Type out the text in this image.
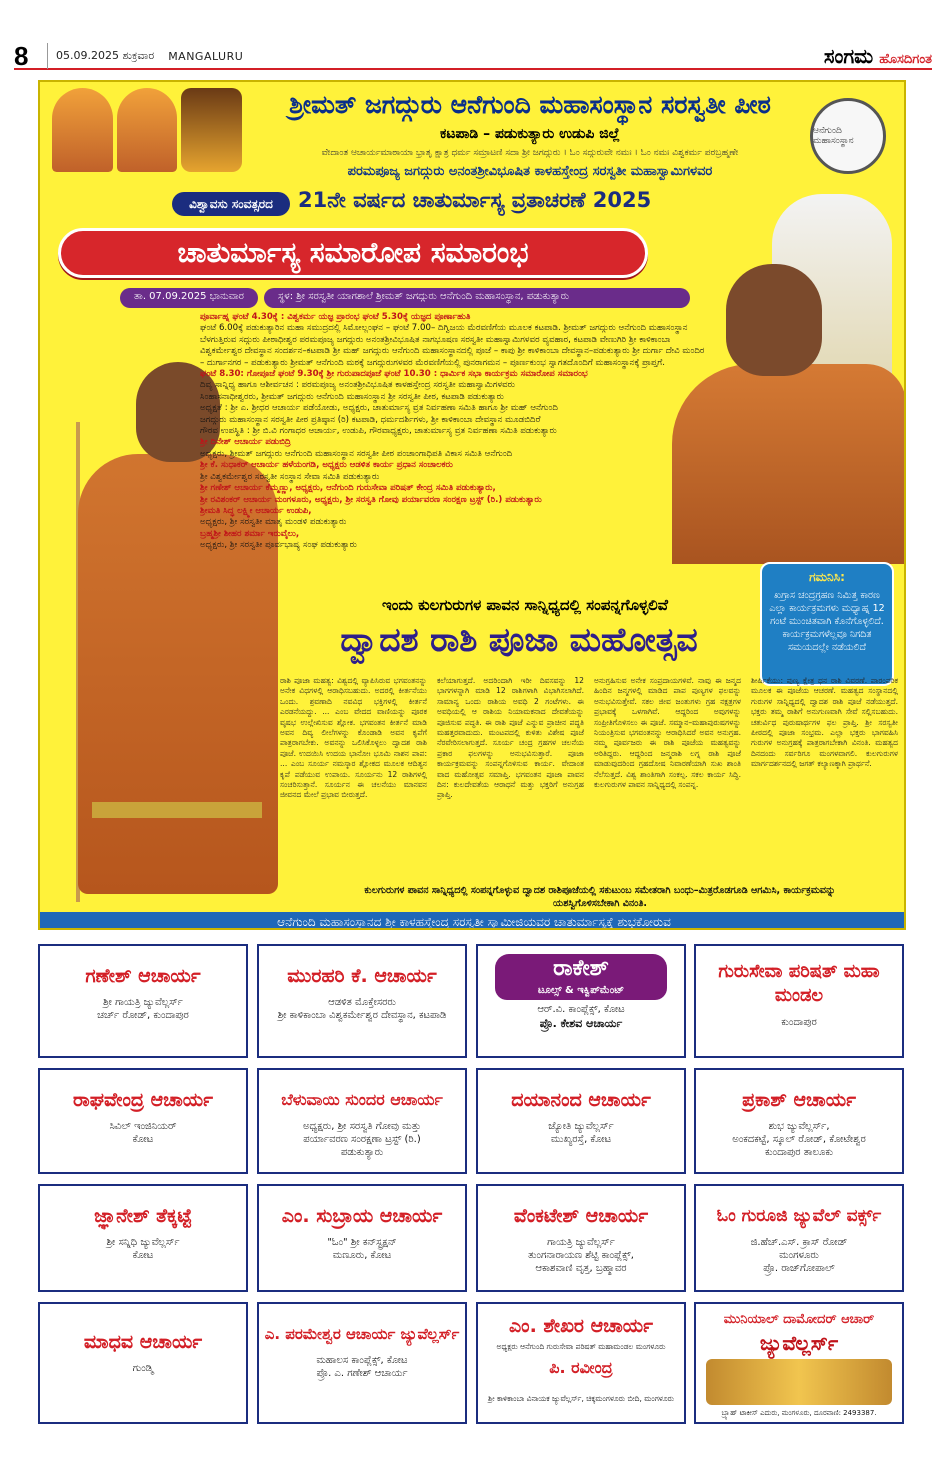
8	05.09.2025 ಶುಕ್ರವಾರ MANGALURU	ಸಂಗಮ ಹೊಸದಿಗಂತ
ಆನೆಗುಂದಿ ಮಹಾಸಂಸ್ಥಾನ
ಶ್ರೀಮತ್ ಜಗದ್ಗುರು ಆನೆಗುಂದಿ ಮಹಾಸಂಸ್ಥಾನ ಸರಸ್ವತೀ ಪೀಠ
ಕಟಪಾಡಿ – ಪಡುಕುತ್ಯಾರು ಉಡುಪಿ ಜಿಲ್ಲೆ
ವೇದಾಂತ ಆಚಾರ್ಯಮಾಠಾಯಾ ಭ್ರಾತೃ ಕ್ಷಾತ್ರ ಧರ್ಮ ಸಮ್ರಾಟಣಿ ಸದಾ ಶ್ರೀ ಜಗದ್ಗುರು । ಓಂ ಸದ್ಗುರುವೇ ನಮಃ । ಓಂ ನಮಃ ವಿಶ್ವಕರ್ಮ ಪರಬ್ರಹ್ಮಣೇ
ಪರಮಪೂಜ್ಯ ಜಗದ್ಗುರು ಅನಂತಶ್ರೀವಿಭೂಷಿತ ಕಾಳಹಸ್ತೇಂದ್ರ ಸರಸ್ವತೀ ಮಹಾಸ್ವಾಮಿಗಳವರ
ವಿಶ್ವಾವಸು ಸಂವತ್ಸರದ	21ನೇ ವರ್ಷದ ಚಾತುರ್ಮಾಸ್ಯ ವ್ರತಾಚರಣೆ 2025
ಚಾತುರ್ಮಾಸ್ಯ ಸಮಾರೋಪ ಸಮಾರಂಭ
ತಾ. 07.09.2025 ಭಾನುವಾರ	ಸ್ಥಳ: ಶ್ರೀ ಸರಸ್ವತೀ ಯಾಗಶಾಲೆ ಶ್ರೀಮತ್ ಜಗದ್ಗುರು ಆನೆಗುಂದಿ ಮಹಾಸಂಸ್ಥಾನ, ಪಡುಕುತ್ಯಾರು

ಪೂರ್ವಾಹ್ನ ಘಂಟೆ 4.30ಕ್ಕೆ : ವಿಶ್ವಕರ್ಮ ಯಜ್ಞ ಪ್ರಾರಂಭ ಘಂಟೆ 5.30ಕ್ಕೆ ಯಜ್ಞದ ಪೂರ್ಣಾಹುತಿ

ಘಂಟೆ 6.00ಕ್ಕೆ ಪಡುಕುತ್ಯಾರಿನ ಮಹಾ ಸಮುದ್ರದಲ್ಲಿ ಸಿಮೋಲ್ಲಂಘನ – ಘಂಟೆ 7.00– ದಿಗ್ವಿಜಯ ಮೆರವಣಿಗೆಯ ಮೂಲಕ ಕಟಪಾಡಿ. ಶ್ರೀಮತ್ ಜಗದ್ಗುರು ಆನೆಗುಂದಿ ಮಹಾಸಂಸ್ಥಾನ ಬೆಳಗುತ್ತಿರುವ ಸದ್ಗುರು ಪೀಠಾಧೀಶ್ವರ ಪರಮಪೂಜ್ಯ ಜಗದ್ಗುರು ಅನಂತಶ್ರೀವಿಭೂಷಿತ ನಾಗಭೂಷಣ ಸರಸ್ವತೀ ಮಹಾಸ್ವಾಮಿಗಳವರ ವ್ಯವಹಾರ, ಕಟಪಾಡಿ ವೇಣುಗಿರಿ ಶ್ರೀ ಕಾಳಿಕಾಂಬಾ ವಿಶ್ವಕರ್ಮೇಶ್ವರ ದೇವಸ್ಥಾನ ಸಂದರ್ಶನ–ಕಟಪಾಡಿ ಶ್ರೀ ಮಹ್ ಜಗದ್ಗುರು ಆನೆಗುಂದಿ ಮಹಾಸಂಸ್ಥಾನದಲ್ಲಿ ಪೂಜೆ – ಕಾಪು ಶ್ರೀ ಕಾಳಿಕಾಂಬಾ ದೇವಸ್ಥಾನ–ಪಡುಕುತ್ಯಾರು ಶ್ರೀ ದುರ್ಗಾ ದೇವಿ ಮಂದಿರ – ದುರ್ಗಾನಗರ – ಪಡುಕುತ್ಯಾರು ಶ್ರೀಮತ್ ಆನೆಗುಂದಿ ಮಠಕ್ಕೆ ಜಗದ್ಗುರುಗಳವರ ಮೆರವಣಿಗೆಯಲ್ಲಿ ಪುನರಾಗಮನ – ಪೂರ್ಣಕುಂಭ ಸ್ವಾಗತದೊಂದಿಗೆ ಮಹಾಸಂಸ್ಥಾನಕ್ಕೆ ಪ್ರಾಪ್ತಗೆ.

ಘಂಟೆ 8.30: ಗೋಪೂಜೆ ಘಂಟೆ 9.30ಕ್ಕೆ ಶ್ರೀ ಗುರುಪಾದಪೂಜೆ ಘಂಟೆ 10.30 : ಧಾರ್ಮಿಕ ಸಭಾ ಕಾರ್ಯಕ್ರಮ ಸಮಾರೋಪ ಸಮಾರಂಭ

ದಿವ್ಯ ಸಾನ್ನಿಧ್ಯ ಹಾಗೂ ಆಶೀರ್ವಚನ : ಪರಮಪೂಜ್ಯ ಅನಂತಶ್ರೀವಿಭೂಷಿತ ಕಾಳಹಸ್ತೇಂದ್ರ ಸರಸ್ವತೀ ಮಹಾಸ್ವಾಮಿಗಳವರು

ಸಿಂಹಾಸನಾಧೀಶ್ವರರು, ಶ್ರೀಮತ್ ಜಗದ್ಗುರು ಆನೆಗುಂದಿ ಮಹಾಸಂಸ್ಥಾನ ಶ್ರೀ ಸರಸ್ವತೀ ಪೀಠ, ಕಟಪಾಡಿ ಪಡುಕುತ್ಯಾರು

ಅಧ್ಯಕ್ಷತೆ : ಶ್ರೀ ಎ. ಶ್ರೀಧರ ಆಚಾರ್ಯ ಪಡೆಯೋಡು, ಅಧ್ಯಕ್ಷರು, ಚಾತುರ್ಮಾಸ್ಯ ವ್ರತ ನಿರ್ವಹಣಾ ಸಮಿತಿ ಹಾಗೂ ಶ್ರೀ ಮಹ್ ಆನೆಗುಂದಿ

ಜಗದ್ಗುರು ಮಹಾಸಂಸ್ಥಾನ ಸರಸ್ವತೀ ಪೀಠ ಪ್ರತಿಷ್ಠಾನ (ರಿ) ಕಟಪಾಡಿ, ಧರ್ಮದರ್ಶಿಗಳು, ಶ್ರೀ ಕಾಳಿಕಾಂಬಾ ದೇವಸ್ಥಾನ ಮೂಡಬಿದಿರೆ

ಗೌರವ ಉಪಸ್ಥಿತಿ : ಶ್ರೀ ಬಿ.ವಿ ಗಂಗಾಧರ ಆಚಾರ್ಯ, ಉಡುಪಿ, ಗೌರವಾಧ್ಯಕ್ಷರು, ಚಾತುರ್ಮಾಸ್ಯ ವ್ರತ ನಿರ್ವಹಣಾ ಸಮಿತಿ ಪಡುಕುತ್ಯಾರು

ಶ್ರೀ ದಿನೇಶ್ ಆಚಾರ್ಯ ಪಡುಬಿದ್ರಿ

ಅಧ್ಯಕ್ಷರು, ಶ್ರೀಮತ್ ಜಗದ್ಗುರು ಆನೆಗುಂದಿ ಮಹಾಸಂಸ್ಥಾನ ಸರಸ್ವತೀ ಪೀಠ ಪಂಚಾಂಗಾಧಿಪತಿ ವಿಕಾಸ ಸಮಿತಿ ಆನೆಗುಂದಿ

ಶ್ರೀ ಕೆ. ಸುಧಾಕರ್ ಆಚಾರ್ಯ ಹಳೆಯಂಗಡಿ, ಅಧ್ಯಕ್ಷರು ಆಡಳಿತ ಕಾರ್ಯ ಪ್ರಧಾನ ಸಂಚಾಲಕರು

ಶ್ರೀ ವಿಶ್ವಕರ್ಮೇಶ್ವರ ಸರಸ್ವತೀ ಸಂಸ್ಥಾನ ಸೇವಾ ಸಮಿತಿ ಪಡುಕುತ್ಯಾರು

ಶ್ರೀ ಗಣೇಶ್ ಆಚಾರ್ಯ ಕೆಮ್ಮಣ್ಣು, ಅಧ್ಯಕ್ಷರು, ಆನೆಗುಂದಿ ಗುರುಸೇವಾ ಪರಿಷತ್ ಕೇಂದ್ರ ಸಮಿತಿ ಪಡುಕುತ್ಯಾರು,

ಶ್ರೀ ರವಿಶಂಕರ್ ಆಚಾರ್ಯ ಮಂಗಳೂರು, ಅಧ್ಯಕ್ಷರು, ಶ್ರೀ ಸರಸ್ವತಿ ಗೋವು ಪರ್ಯಾವರಣ ಸಂರಕ್ಷಣ ಟ್ರಸ್ಟ್ (ರಿ.) ಪಡುಕುತ್ಯಾರು

ಶ್ರೀಮತಿ ಸಿದ್ಧ ಲಕ್ಷ್ಮೀ ಆಚಾರ್ಯ ಉಡುಪಿ,

ಅಧ್ಯಕ್ಷರು, ಶ್ರೀ ಸರಸ್ವತೀ ಮಾತೃ ಮಂಡಳಿ ಪಡುಕುತ್ಯಾರು

ಬ್ರಹ್ಮಶ್ರೀ ಶೀಹರ ಶರ್ಮಾ ಇರುವೈಲು,

ಅಧ್ಯಕ್ಷರು, ಶ್ರೀ ಸರಸ್ವತೀ ಪೂರ್ವಭಾಷ್ಯ ಸಂಘ ಪಡುಕುತ್ಯಾರು

ಗಮನಿಸಿ:
ಖಗ್ರಾಸ ಚಂದ್ರಗ್ರಹಣ ನಿಮಿತ್ತ ಕಾರಣ ಎಲ್ಲಾ ಕಾರ್ಯಕ್ರಮಗಳು ಮಧ್ಯಾಹ್ನ 12 ಗಂಟೆ ಮುಂಚಿತವಾಗಿ ಕೊನೆಗೊಳ್ಳಲಿದೆ. ಕಾರ್ಯಕ್ರಮಗಳೆಲ್ಲವೂ ನಿಗದಿತ ಸಮಯದಲ್ಲೇ ನಡೆಯಲಿದೆ
ಇಂದು ಕುಲಗುರುಗಳ ಪಾವನ ಸಾನ್ನಿಧ್ಯದಲ್ಲಿ ಸಂಪನ್ನಗೊಳ್ಳಲಿವೆ
ದ್ವಾದಶ ರಾಶಿ ಪೂಜಾ ಮಹೋತ್ಸವ
ರಾಶಿ ಪೂಜಾ ಮಹತ್ವ: ವಿಶ್ವದಲ್ಲಿ ವ್ಯಾಪಿಸಿರುವ ಭಗವಂತನನ್ನು ಅನೇಕ ವಿಧಗಳಲ್ಲಿ ಆರಾಧಿಸಬಹುದು. ಅದರಲ್ಲಿ ಕೀರ್ತನೆಯು ಒಂದು. ಶ್ರವಣಾದಿ ನವವಿಧ ಭಕ್ತಿಗಳಲ್ಲಿ ಕೀರ್ತನೆ ಎರಡನೆಯದ್ದು. ... ಎಂಬ ವೇದದ ವಾಣಿಯನ್ನು ಪೂರಕ ವೃಷಭ ಉಲ್ಲೇಖಿಸುವ ಶ್ಲೋಕ. ಭಗವಂತನ ಕೀರ್ತನೆ ಮಾಡಿ ಅವನ ದಿವ್ಯ ಲೀಲೆಗಳನ್ನು ಕೊಂಡಾಡಿ ಅವನ ಕೃಪೆಗೆ ಪಾತ್ರರಾಗಬೇಕು. ಅವನನ್ನು ಒಲಿಸಿಕೊಳ್ಳಲು ದ್ವಾದಶ ರಾಶಿ ಪೂಜೆ. ಉದಯಿಸಿ ಉದಯ ಭಾನೋಃ ಭೂಮಿ ನಾಶನ ಪಾಪ: ... ಎಂಬ ಸೂರ್ಯ ನಮಸ್ಕಾರ ಶ್ಲೋಕದ ಮೂಲಕ ಆದಿತ್ಯನ ಕೃಪೆ ಪಡೆಯುವ ಉಪಾಯ. ಸೂರ್ಯನು 12 ರಾಶಿಗಳಲ್ಲಿ ಸಂಚರಿಸುತ್ತಾನೆ. ಸೂರ್ಯನ ಈ ಚಲನೆಯು ಮಾನವನ ಜೀವನದ ಮೇಲೆ ಪ್ರಭಾವ ಬೀರುತ್ತದೆ.
ಕಲೆಯಾಗುತ್ತದೆ. ಅದರಿಂದಾಗಿ ಇರೀ ದಿವಸವನ್ನು 12 ಭಾಗಗಳನ್ನಾಗಿ ಮಾಡಿ 12 ರಾಶಿಗಳಾಗಿ ವಿಭಾಗಿಸಲಾಗಿದೆ. ಸಾಮಾನ್ಯ ಒಂದು ರಾಶಿಯ ಅವಧಿ 2 ಗಂಟೆಗಳು. ಈ ಅವಧಿಯಲ್ಲಿ ಆ ರಾಶಿಯ ನಿಯಾಮಕನಾದ ದೇವತೆಯನ್ನು ಪೂಜಿಸುವ ಪದ್ಧತಿ. ಈ ರಾಶಿ ಪೂಜೆ ಎನ್ನುವ ಪ್ರಾಚೀನ ಪದ್ಧತಿ ಮಹತ್ತರವಾದುದು. ಮಂಟಪದಲ್ಲಿ ಕುಳಿತು ವಿಶೇಷ ಪೂಜೆ ನೆರವೇರಿಸಲಾಗುತ್ತದೆ. ಸೂರ್ಯ ಚಂದ್ರ ಗ್ರಹಗಳ ಚಲನೆಯ ಪ್ರಕಾರ ಫಲಗಳನ್ನು ಅನುಭವಿಸುತ್ತಾರೆ. ಪೂಜಾ ಕಾರ್ಯಕ್ರಮವನ್ನು ಸಂಪನ್ನಗೊಳಿಸುವ ಕಾರ್ಯ. ವೇದಾಂತ ವಾದ ಮಹೋತ್ಸವ ಸಮಾಪ್ತಿ. ಭಗವಂತನ ಪೂಜಾ ಪಾವನ ದಿನ: ಕುಲದೇವತೆಯ ಆರಾಧನೆ ಮತ್ತು ಭಕ್ತರಿಗೆ ಅನುಗ್ರಹ ಪ್ರಾಪ್ತಿ.
ಅನುಗ್ರಹಿಸುವ ಅನೇಕ ಸಂಪ್ರದಾಯಗಳಿವೆ. ನಾವು ಈ ಜನ್ಮದ ಹಿಂದಿನ ಜನ್ಮಗಳಲ್ಲಿ ಮಾಡಿದ ಪಾಪ ಪುಣ್ಯಗಳ ಫಲವನ್ನು ಅನುಭವಿಸುತ್ತೇವೆ. ಸಕಲ ಜೀವ ಜಂತುಗಳು ಗ್ರಹ ನಕ್ಷತ್ರಗಳ ಪ್ರಭಾವಕ್ಕೆ ಒಳಗಾಗಿವೆ. ಆದ್ದರಿಂದ ಅವುಗಳನ್ನು ಸಂಪ್ರೀತಿಗೊಳಿಸಲು ಈ ಪೂಜೆ. ಸಮ್ಮಾನ–ಮಹಾಪುರುಷಗಳನ್ನು ನಿಯಂತ್ರಿಸುವ ಭಗವಂತನನ್ನು ಆರಾಧಿಸಿದರೆ ಅವನ ಅನುಗ್ರಹ. ನಮ್ಮ ಪೂರ್ವಜರು ಈ ರಾಶಿ ಪೂಜೆಯ ಮಹತ್ವವನ್ನು ಅರಿತಿದ್ದರು. ಆದ್ದರಿಂದ ಜನ್ಮರಾಶಿ ಲಗ್ನ ರಾಶಿ ಪೂಜೆ ಮಾಡುವುದರಿಂದ ಗ್ರಹದೋಷ ನಿವಾರಣೆಯಾಗಿ ಸುಖ ಶಾಂತಿ ನೆಲೆಸುತ್ತದೆ. ವಿಶ್ವ ಶಾಂತಿಗಾಗಿ ಸಂಕಲ್ಪ. ಸಕಲ ಕಾರ್ಯ ಸಿದ್ಧಿ. ಕುಲಗುರುಗಳ ಪಾವನ ಸಾನ್ನಿಧ್ಯದಲ್ಲಿ ಸಂಪನ್ನ.
ಶೀರ್ಷಿಕೆಯು: ಪುಣ್ಯ ಕ್ಷೇತ್ರ ಧನ ರಾಶಿ ವಿವರಣೆ. ಪಾರಂಪರಿಕ ಮೂಲಕ ಈ ಪೂಜೆಯ ಆಚರಣೆ. ಮಹತ್ವದ ಸಂಸ್ಥಾನದಲ್ಲಿ ಗುರುಗಳ ಸಾನ್ನಿಧ್ಯದಲ್ಲಿ ದ್ವಾದಶ ರಾಶಿ ಪೂಜೆ ನಡೆಯುತ್ತದೆ. ಭಕ್ತರು ತಮ್ಮ ರಾಶಿಗೆ ಅನುಗುಣವಾಗಿ ಸೇವೆ ಸಲ್ಲಿಸಬಹುದು. ಚತುರ್ವಿಧ ಪುರುಷಾರ್ಥಗಳ ಫಲ ಪ್ರಾಪ್ತಿ. ಶ್ರೀ ಸರಸ್ವತೀ ಪೀಠದಲ್ಲಿ ಪೂಜಾ ಸಂಭ್ರಮ. ಎಲ್ಲಾ ಭಕ್ತರು ಭಾಗವಹಿಸಿ ಗುರುಗಳ ಅನುಗ್ರಹಕ್ಕೆ ಪಾತ್ರರಾಗಬೇಕಾಗಿ ವಿನಂತಿ. ಮಹತ್ವದ ದಿನದಂದು ಸರ್ವರಿಗೂ ಮಂಗಳವಾಗಲಿ. ಕುಲಗುರುಗಳ ಮಾರ್ಗದರ್ಶನದಲ್ಲಿ ಜಗತ್ ಕಲ್ಯಾಣಕ್ಕಾಗಿ ಪ್ರಾರ್ಥನೆ.
ಕುಲಗುರುಗಳ ಪಾವನ ಸಾನ್ನಿಧ್ಯದಲ್ಲಿ ಸಂಪನ್ನಗೊಳ್ಳುವ ದ್ವಾದಶ ರಾಶಿಪೂಜೆಯಲ್ಲಿ ಸಕುಟುಂಬ ಸಮೇತರಾಗಿ ಬಂಧು–ಮಿತ್ರರೊಡಗೂಡಿ ಆಗಮಿಸಿ, ಕಾರ್ಯಕ್ರಮವನ್ನು ಯಶಸ್ವಿಗೊಳಿಸಬೇಕಾಗಿ ವಿನಂತಿ.
ಆನೆಗುಂದಿ ಮಹಾಸಂಸ್ಥಾನದ ಶ್ರೀ ಕಾಳಹಸ್ತೇಂದ್ರ ಸರಸ್ವತೀ ಸ್ವಾಮೀಜಿಯವರ ಚಾತುರ್ಮಾಸ್ಯಕ್ಕೆ ಶುಭಕೋರುವ
ಗಣೇಶ್ ಆಚಾರ್ಯ
ಶ್ರೀ ಗಾಯತ್ರಿ ಜ್ಯುವೆಲ್ಲರ್ಸ್
ಚರ್ಚ್ ರೋಡ್, ಕುಂದಾಪುರ
ಮುರಹರಿ ಕೆ. ಆಚಾರ್ಯ
ಆಡಳಿತ ಮೊಕ್ತೇಸರರು
ಶ್ರೀ ಕಾಳಿಕಾಂಬಾ ವಿಶ್ವಕರ್ಮೇಶ್ವರ ದೇವಸ್ಥಾನ, ಕಟಪಾಡಿ
ರಾಕೇಶ್
ಟೂಲ್ಸ್ & ಇಕ್ವಿಪ್‌ಮೆಂಟ್
ಆರ್.ವಿ. ಕಾಂಪ್ಲೆಕ್ಸ್, ಕೋಟ
ಪ್ರೊ. ಕೇಶವ ಆಚಾರ್ಯ
ಗುರುಸೇವಾ ಪರಿಷತ್ ಮಹಾ ಮಂಡಲ
ಕುಂದಾಪುರ
ರಾಘವೇಂದ್ರ ಆಚಾರ್ಯ
ಸಿವಿಲ್ ಇಂಜಿನಿಯರ್
ಕೋಟ
ಬೆಳುವಾಯಿ ಸುಂದರ ಆಚಾರ್ಯ
ಅಧ್ಯಕ್ಷರು, ಶ್ರೀ ಸರಸ್ವತಿ ಗೋವು ಮತ್ತು
ಪರ್ಯಾವರಣ ಸಂರಕ್ಷಣಾ ಟ್ರಸ್ಟ್ (ರಿ.)
ಪಡುಕುತ್ಯಾರು
ದಯಾನಂದ ಆಚಾರ್ಯ
ಜ್ಯೋತಿ ಜ್ಯುವೆಲ್ಲರ್ಸ್
ಮುಖ್ಯರಸ್ತೆ, ಕೋಟ
ಪ್ರಕಾಶ್ ಆಚಾರ್ಯ
ಶುಭ ಜ್ಯುವೆಲ್ಲರ್ಸ್,
ಅಂಕದಕಟ್ಟೆ, ಸ್ಕೂಲ್ ರೋಡ್, ಕೋಟೇಶ್ವರ
ಕುಂದಾಪುರ ತಾಲೂಕು
ಜ್ಞಾನೇಶ್ ತೆಕ್ಕಟ್ಟೆ
ಶ್ರೀ ಸನ್ನಿಧಿ ಜ್ಯುವೆಲ್ಲರ್ಸ್
ಕೋಟ
ಎಂ. ಸುಬ್ರಾಯ ಆಚಾರ್ಯ
"ಓಂ" ಶ್ರೀ ಕನ್‌ಸ್ಟ್ರಕ್ಷನ್
ಮಣೂರು, ಕೋಟ
ವೆಂಕಟೇಶ್ ಆಚಾರ್ಯ
ಗಾಯತ್ರಿ ಜ್ಯುವೆಲ್ಲರ್ಸ್
ತುಂಗನಾರಾಯಣ ಶೆಟ್ಟಿ ಕಾಂಪ್ಲೆಕ್ಸ್,
ಆಕಾಶವಾಣಿ ವೃತ್ತ, ಬ್ರಹ್ಮಾವರ
ಓಂ ಗುರೂಜಿ ಜ್ಯುವೆಲ್ ವರ್ಕ್ಸ್
ಜಿ.ಹೆಚ್.ಎಸ್. ಕ್ರಾಸ್ ರೋಡ್
ಮಂಗಳೂರು
ಪ್ರೊ. ರಾಜ್‌ಗೋಪಾಲ್
ಮಾಧವ ಆಚಾರ್ಯ
ಗುಂಡ್ಮಿ
ಎ. ಪರಮೇಶ್ವರ ಆಚಾರ್ಯ ಜ್ಯುವೆಲ್ಲರ್ಸ್
ಮಹಾಲಸ ಕಾಂಪ್ಲೆಕ್ಸ್, ಕೋಟ
ಪ್ರೊ. ಎ. ಗಣೇಶ್ ಆಚಾರ್ಯ
ಎಂ. ಶೇಖರ ಆಚಾರ್ಯ
ಅಧ್ಯಕ್ಷರು ಆನೆಗುಂದಿ ಗುರುಸೇವಾ ಪರಿಷತ್ ಮಹಾಮಂಡಲ ಮಂಗಳೂರು
ಪಿ. ರವೀಂದ್ರ
ಶ್ರೀ ಕಾಳಿಕಾಂಬಾ ವಿನಾಯಕ ಜ್ಯುವೆಲ್ಲರ್ಸ್, ಚಿಕ್ಕಮಂಗಳೂರು ಬೀದಿ, ಮಂಗಳೂರು
ಮುನಿಯಾಲ್ ದಾಮೋದರ್ ಆಚಾರ್
ಜ್ಯುವೆಲ್ಲರ್ಸ್
ಬ್ರ್ಯಾಹ್ ಟಾಕೀಸ್ ಎದುರು, ಮಂಗಳೂರು, ದೂರವಾಣಿ: 2493387.
